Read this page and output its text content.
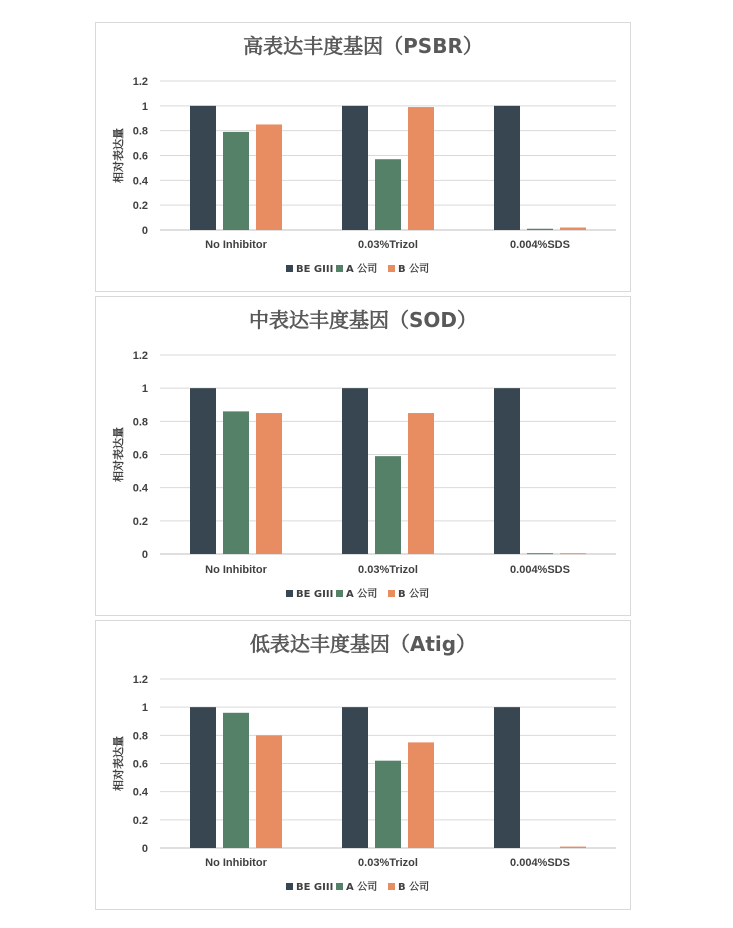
高表达丰度基因（PSBR）
0
0.2
0.4
0.6
0.8
1
1.2
相对表达量
No Inhibitor	0.03%Trizol	0.004%SDS
BE GIII A 公司 B 公司
中表达丰度基因（SOD）
0
0.2
0.4
0.6
0.8
1
1.2
相对表达量
No Inhibitor	0.03%Trizol	0.004%SDS
BE GIII A 公司 B 公司
低表达丰度基因（Atig）
0
0.2
0.4
0.6
0.8
1
1.2
相对表达量
No Inhibitor	0.03%Trizol	0.004%SDS
BE GIII A 公司 B 公司
